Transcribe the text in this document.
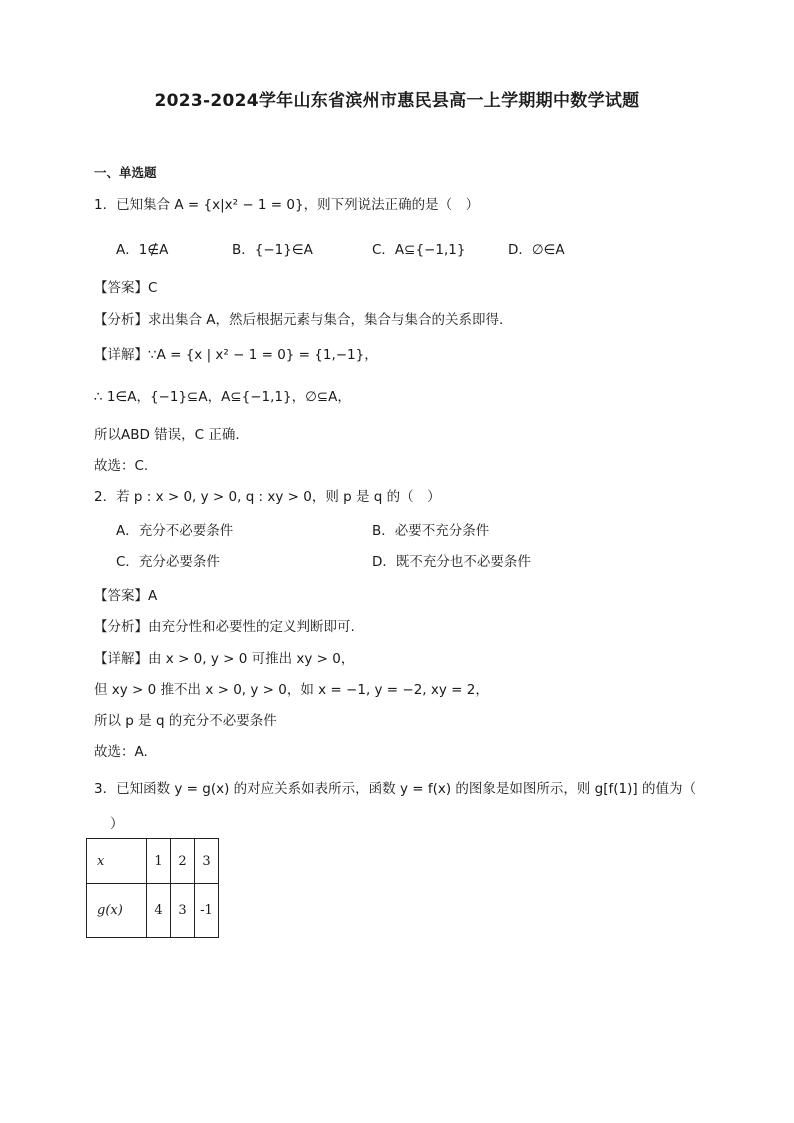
2023-2024学年山东省滨州市惠民县高一上学期期中数学试题
一、单选题
1．已知集合 A = {x|x² − 1 = 0}，则下列说法正确的是（　）
A．1∉A	B．{−1}∈A	C．A⊆{−1,1}	D．∅∈A
【答案】C
【分析】求出集合 A，然后根据元素与集合，集合与集合的关系即得.
【详解】∵A = {x | x² − 1 = 0} = {1,−1}，
∴ 1∈A，{−1}⊆A，A⊆{−1,1}，∅⊆A，
所以ABD 错误，C 正确.
故选：C.
2．若 p : x > 0, y > 0, q : xy > 0，则 p 是 q 的（　）
A．充分不必要条件	B．必要不充分条件
C．充分必要条件	D．既不充分也不必要条件
【答案】A
【分析】由充分性和必要性的定义判断即可.
【详解】由 x > 0, y > 0 可推出 xy > 0，
但 xy > 0 推不出 x > 0, y > 0，如 x = −1, y = −2, xy = 2，
所以 p 是 q 的充分不必要条件
故选：A.
3．已知函数 y = g(x) 的对应关系如表所示，函数 y = f(x) 的图象是如图所示，则 g[f(1)] 的值为（
）
x	1	2	3
g(x)	4	3	-1
